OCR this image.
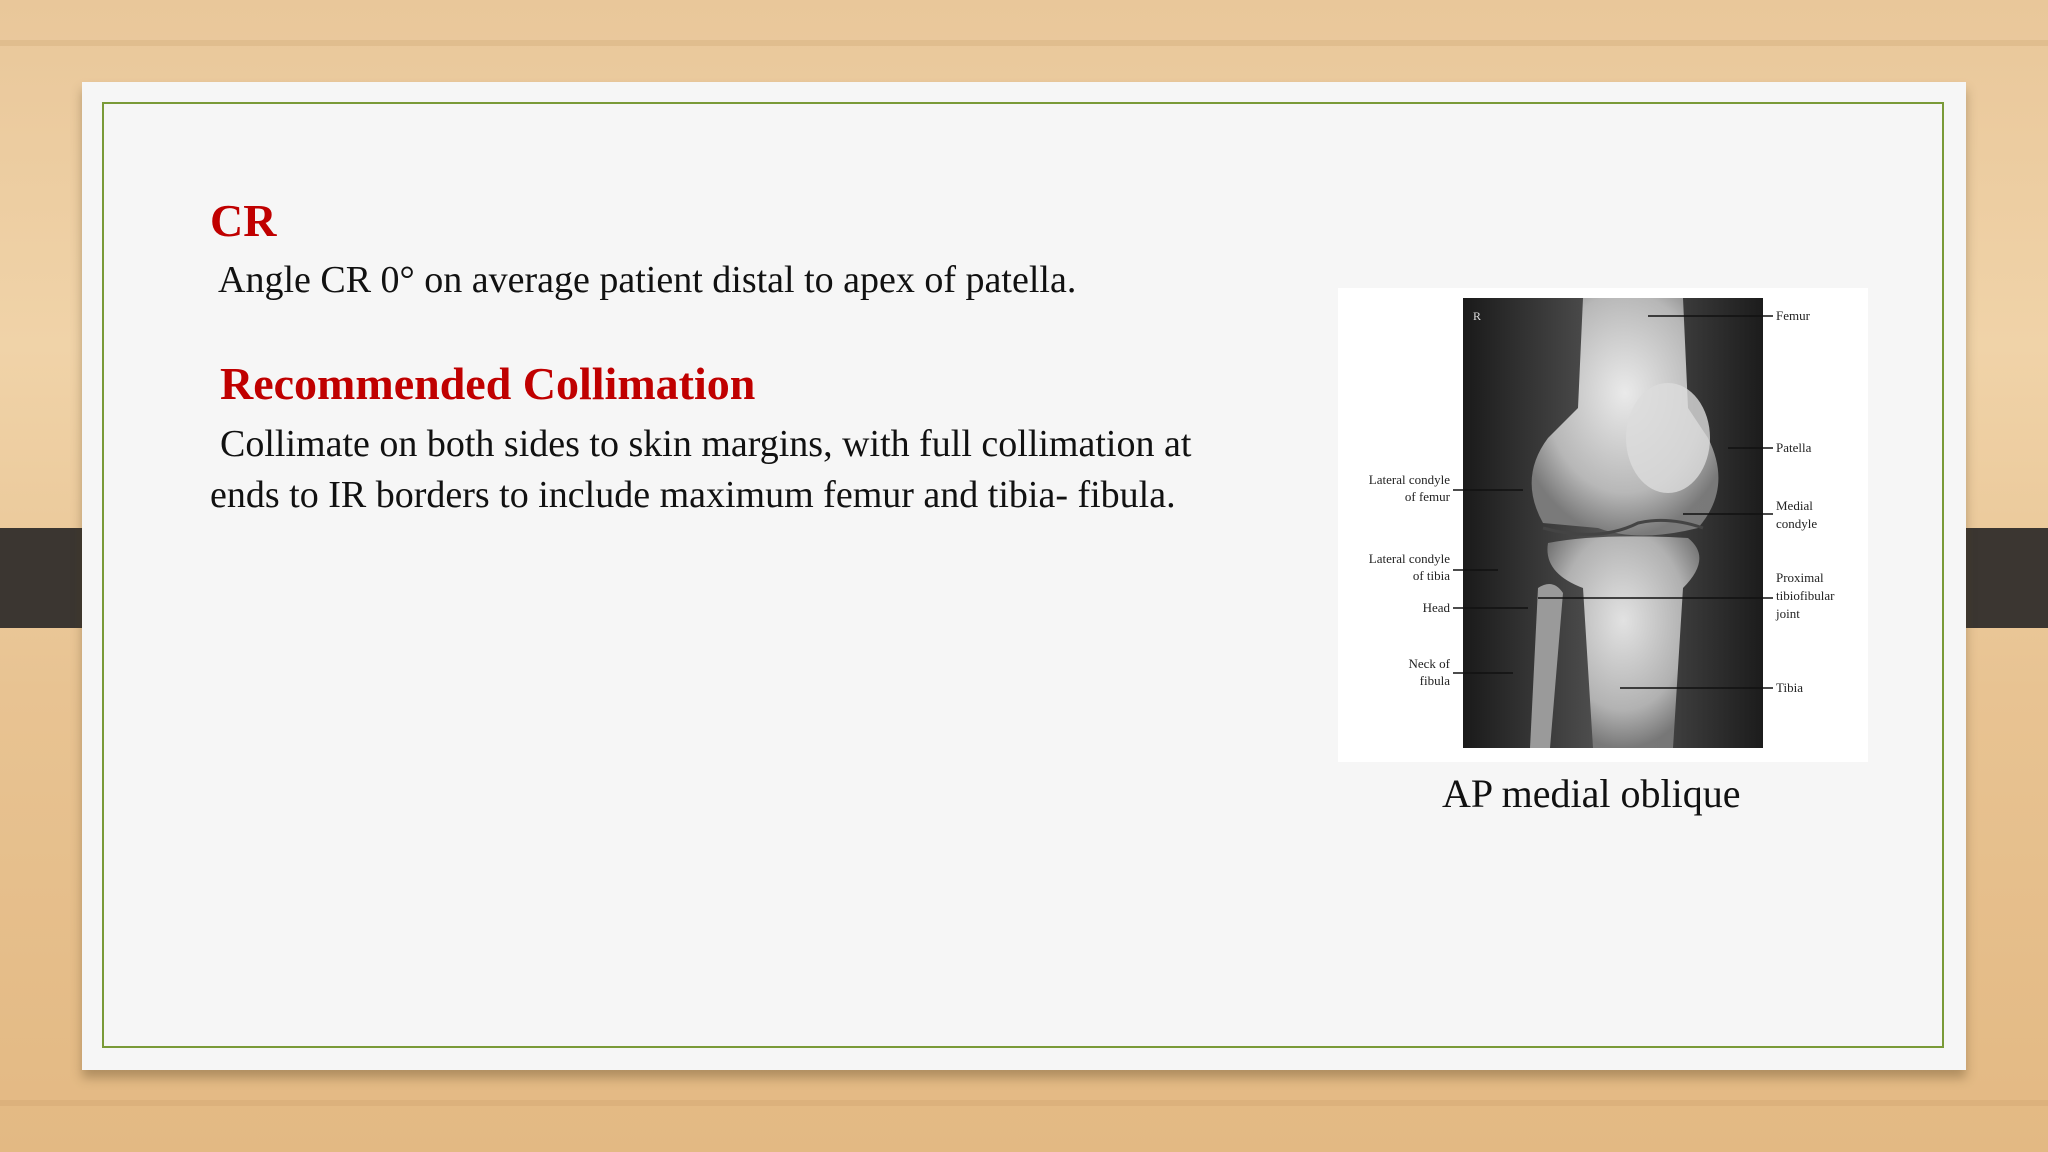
CR
Angle CR 0° on average patient distal to apex of patella.
Recommended Collimation
Collimate on both sides to skin margins, with full collimation at
ends to IR borders to include maximum femur and tibia- fibula.
R	Femur
Patella
Medial
condyle
Proximal
tibiofibular
joint
Tibia
Lateral condyle
of femur
Lateral condyle
of tibia
Head
Neck of
fibula
AP medial oblique
